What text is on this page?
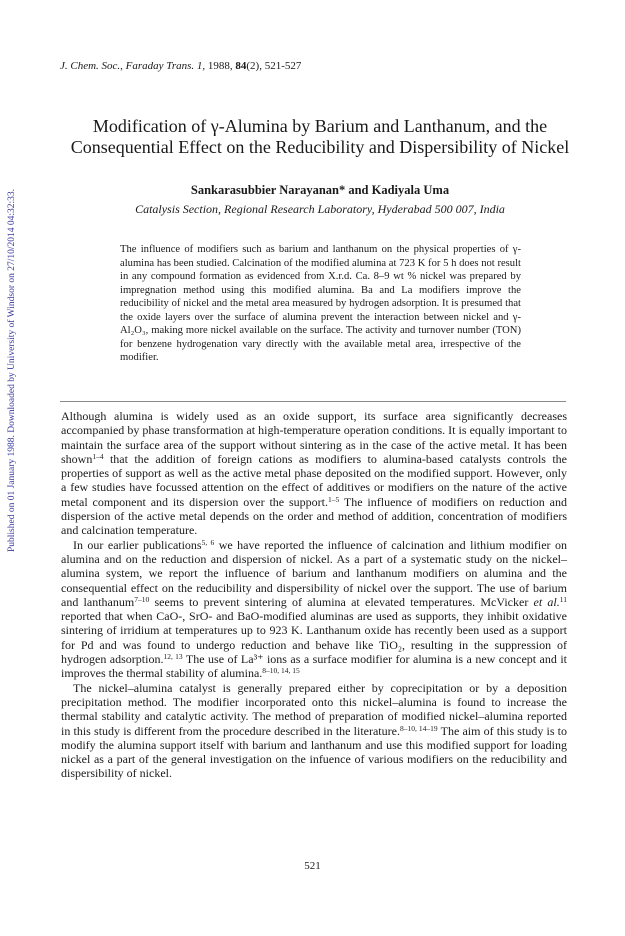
Published on 01 January 1988. Downloaded by University of Windsor on 27/10/2014 04:32:33.
J. Chem. Soc., Faraday Trans. 1, 1988, 84(2), 521-527
Modification of γ-Alumina by Barium and Lanthanum, and the Consequential Effect on the Reducibility and Dispersibility of Nickel
Sankarasubbier Narayanan* and Kadiyala Uma
Catalysis Section, Regional Research Laboratory, Hyderabad 500 007, India
The influence of modifiers such as barium and lanthanum on the physical properties of γ-alumina has been studied. Calcination of the modified alumina at 723 K for 5 h does not result in any compound formation as evidenced from X.r.d. Ca. 8–9 wt % nickel was prepared by impregnation method using this modified alumina. Ba and La modifiers improve the reducibility of nickel and the metal area measured by hydrogen adsorption. It is presumed that the oxide layers over the surface of alumina prevent the interaction between nickel and γ-Al₂O₃, making more nickel available on the surface. The activity and turnover number (TON) for benzene hydrogenation vary directly with the available metal area, irrespective of the modifier.

Although alumina is widely used as an oxide support, its surface area significantly decreases accompanied by phase transformation at high-temperature operation conditions. It is equally important to maintain the surface area of the support without sintering as in the case of the active metal. It has been shown$^{1-4}$ that the addition of foreign cations as modifiers to alumina-based catalysts controls the properties of support as well as the active metal phase deposited on the modified support. However, only a few studies have focussed attention on the effect of additives or modifiers on the nature of the active metal component and its dispersion over the support.$^{1-5}$ The influence of modifiers on reduction and dispersion of the active metal depends on the order and method of addition, concentration of modifiers and calcination temperature.

In our earlier publications$^{5, 6}$ we have reported the influence of calcination and lithium modifier on alumina and on the reduction and dispersion of nickel. As a part of a systematic study on the nickel–alumina system, we report the influence of barium and lanthanum modifiers on alumina and the consequential effect on the reducibility and dispersibility of nickel over the support. The use of barium and lanthanum$^{7-10}$ seems to prevent sintering of alumina at elevated temperatures. McVicker et al.$^{11}$ reported that when CaO-, SrO- and BaO-modified aluminas are used as supports, they inhibit oxidative sintering of irridium at temperatures up to 923 K. Lanthanum oxide has recently been used as a support for Pd and was found to undergo reduction and behave like TiO₂, resulting in the suppression of hydrogen adsorption.$^{12, 13}$ The use of La³⁺ ions as a surface modifier for alumina is a new concept and it improves the thermal stability of alumina.$^{8-10, 14, 15}$

The nickel–alumina catalyst is generally prepared either by coprecipitation or by a deposition precipitation method. The modifier incorporated onto this nickel–alumina is found to increase the thermal stability and catalytic activity. The method of preparation of modified nickel–alumina reported in this study is different from the procedure described in the literature.$^{8-10, 14-19}$ The aim of this study is to modify the alumina support itself with barium and lanthanum and use this modified support for loading nickel as a part of the general investigation on the infuence of various modifiers on the reducibility and dispersibility of nickel.

521
